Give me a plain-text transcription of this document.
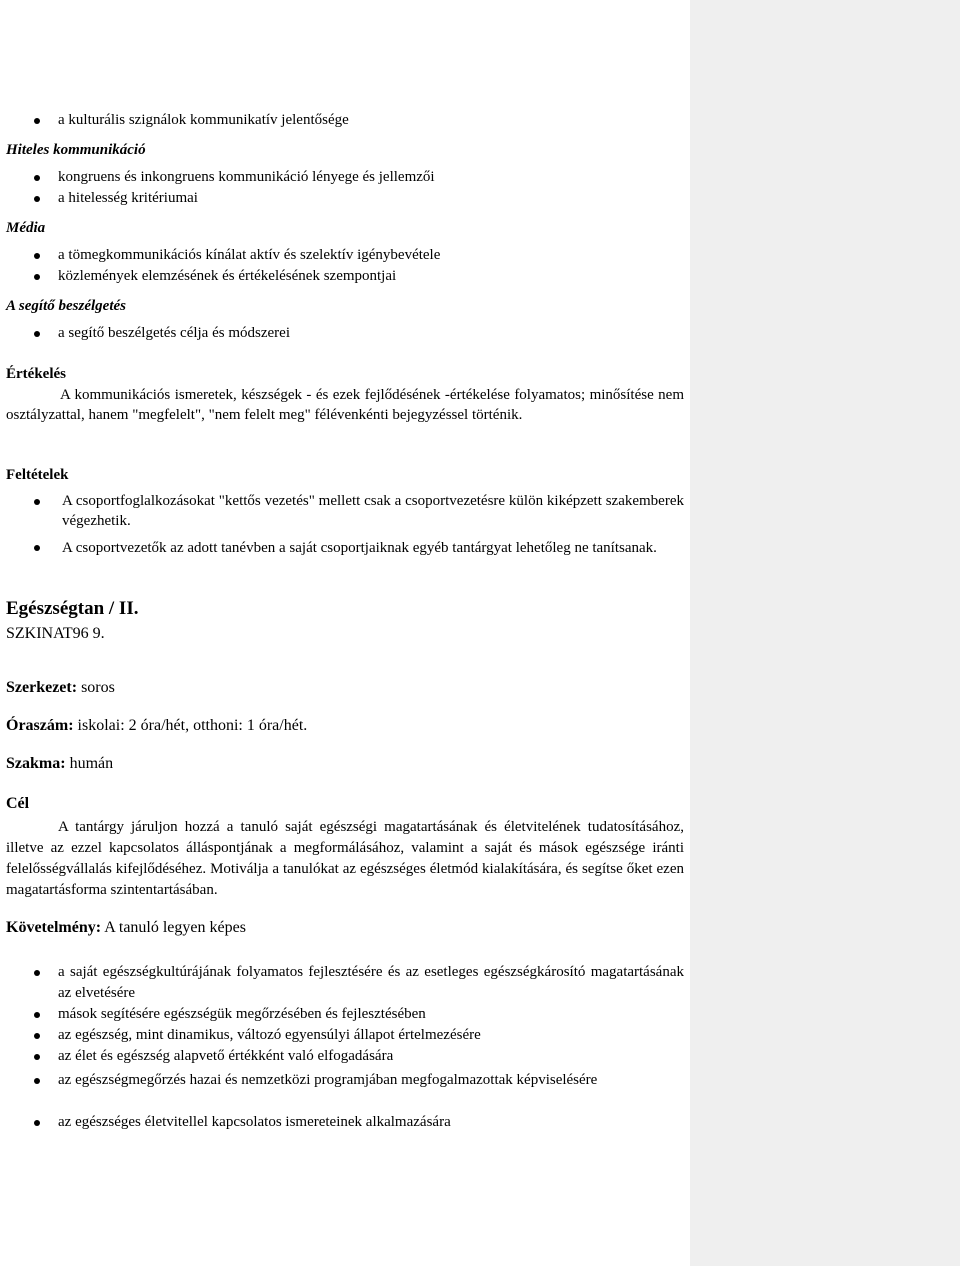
a kulturális szignálok kommunikatív jelentősége

Hiteles kommunikáció

kongruens és inkongruens kommunikáció lényege és jellemzői

a hitelesség kritériumai

Média

a tömegkommunikációs kínálat aktív és szelektív igénybevétele

közlemények elemzésének és értékelésének szempontjai

A segítő beszélgetés

a segítő beszélgetés célja és módszerei

Értékelés

A kommunikációs ismeretek, készségek - és ezek fejlődésének -értékelése folyamatos; minősítése nem osztályzattal, hanem "megfelelt", "nem felelt meg" félévenkénti bejegyzéssel történik.

Feltételek

A csoportfoglalkozásokat "kettős vezetés" mellett csak a csoportvezetésre külön kiképzett szakemberek végezhetik.

A csoportvezetők az adott tanévben a saját csoportjaiknak egyéb tantárgyat lehetőleg ne tanítsanak.

Egészségtan / II.

SZKINAT96 9.

Szerkezet: soros

Óraszám: iskolai: 2 óra/hét, otthoni: 1 óra/hét.

Szakma: humán

Cél

A tantárgy járuljon hozzá a tanuló saját egészségi magatartásának és életvitelének tudatosításához, illetve az ezzel kapcsolatos álláspontjának a megformálásához, valamint a saját és mások egészsége iránti felelősségvállalás kifejlődéséhez. Motiválja a tanulókat az egészséges életmód kialakítására, és segítse őket ezen magatartásforma szintentartásában.

Követelmény: A tanuló legyen képes

a saját egészségkultúrájának folyamatos fejlesztésére és az esetleges egészségkárosító magatartásának az elvetésére

mások segítésére egészségük megőrzésében és fejlesztésében

az egészség, mint dinamikus, változó egyensúlyi állapot értelmezésére

az élet és egészség alapvető értékként való elfogadására

az egészségmegőrzés hazai és nemzetközi programjában megfogalmazottak képviselésére

az egészséges életvitellel kapcsolatos ismereteinek alkalmazására
